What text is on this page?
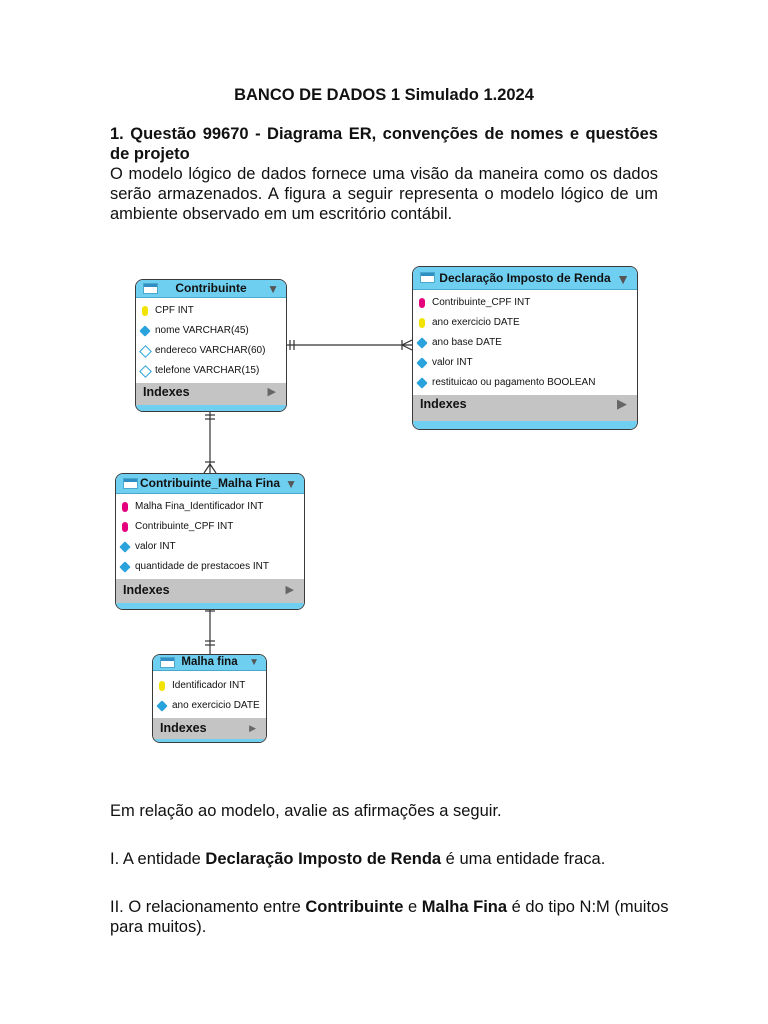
BANCO DE DADOS 1 Simulado 1.2024
1. Questão 99670 - Diagrama ER, convenções de nomes e questões de projeto

O modelo lógico de dados fornece uma visão da maneira como os dados serão armazenados. A figura a seguir representa o modelo lógico de um ambiente observado em um escritório contábil.

Contribuinte ▼
CPF INT
nome VARCHAR(45)
endereco VARCHAR(60)
telefone VARCHAR(15)
Indexes	▶
Declaração Imposto de Renda ▼
Contribuinte_CPF INT
ano exercicio DATE
ano base DATE
valor INT
restituicao ou pagamento BOOLEAN
Indexes	▶
Contribuinte_Malha Fina ▼
Malha Fina_Identificador INT
Contribuinte_CPF INT
valor INT
quantidade de prestacoes INT
Indexes	▶
Malha fina ▼
Identificador INT
ano exercicio DATE
Indexes	▶

Em relação ao modelo, avalie as afirmações a seguir.

I. A entidade Declaração Imposto de Renda é uma entidade fraca.

II. O relacionamento entre Contribuinte e Malha Fina é do tipo N:M (muitos para muitos).
